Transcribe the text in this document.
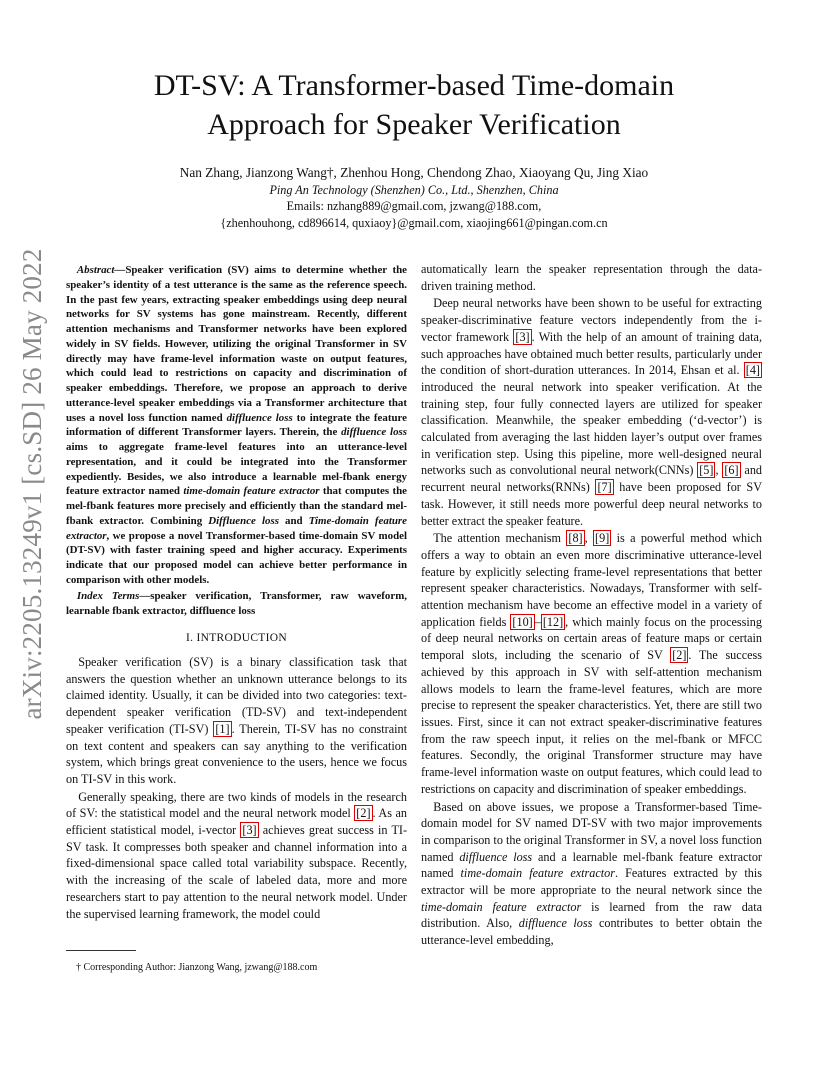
arXiv:2205.13249v1 [cs.SD] 26 May 2022
DT-SV: A Transformer-based Time-domain
Approach for Speaker Verification
Nan Zhang, Jianzong Wang†, Zhenhou Hong, Chendong Zhao, Xiaoyang Qu, Jing Xiao
Ping An Technology (Shenzhen) Co., Ltd., Shenzhen, China
Emails: nzhang889@gmail.com, jzwang@188.com,
{zhenhouhong, cd896614, quxiaoy}@gmail.com, xiaojing661@pingan.com.cn
Abstract—Speaker verification (SV) aims to determine whether the speaker’s identity of a test utterance is the same as the reference speech. In the past few years, extracting speaker embeddings using deep neural networks for SV systems has gone mainstream. Recently, different attention mechanisms and Transformer networks have been explored widely in SV fields. However, utilizing the original Transformer in SV directly may have frame-level information waste on output features, which could lead to restrictions on capacity and discrimination of speaker embeddings. Therefore, we propose an approach to derive utterance-level speaker embeddings via a Transformer architecture that uses a novel loss function named diffluence loss to integrate the feature information of different Transformer layers. Therein, the diffluence loss aims to aggregate frame-level features into an utterance-level representation, and it could be integrated into the Transformer expediently. Besides, we also introduce a learnable mel-fbank energy feature extractor named time-domain feature extractor that computes the mel-fbank features more precisely and efficiently than the standard mel-fbank extractor. Combining Diffluence loss and Time-domain feature extractor, we propose a novel Transformer-based time-domain SV model (DT-SV) with faster training speed and higher accuracy. Experiments indicate that our proposed model can achieve better performance in comparison with other models.
Index Terms—speaker verification, Transformer, raw waveform, learnable fbank extractor, diffluence loss
I. INTRODUCTION

Speaker verification (SV) is a binary classification task that answers the question whether an unknown utterance belongs to its claimed identity. Usually, it can be divided into two categories: text-dependent speaker verification (TD-SV) and text-independent speaker verification (TI-SV) [1] . Therein, TI-SV has no constraint on text content and speakers can say anything to the verification system, which brings great convenience to the users, hence we focus on TI-SV in this work.

Generally speaking, there are two kinds of models in the research of SV: the statistical model and the neural network model [2] . As an efficient statistical model, i-vector [3] achieves great success in TI-SV task. It compresses both speaker and channel information into a fixed-dimensional space called total variability subspace. Recently, with the increasing of the scale of labeled data, more and more researchers start to pay attention to the neural network model. Under the supervised learning framework, the model could

† Corresponding Author: Jianzong Wang, jzwang@188.com

automatically learn the speaker representation through the data-driven training method.

Deep neural networks have been shown to be useful for extracting speaker-discriminative feature vectors independently from the i-vector framework [3] . With the help of an amount of training data, such approaches have obtained much better results, particularly under the condition of short-duration utterances. In 2014, Ehsan et al. [4] introduced the neural network into speaker verification. At the training step, four fully connected layers are utilized for speaker classification. Meanwhile, the speaker embedding (‘d-vector’) is calculated from averaging the last hidden layer’s output over frames in verification step. Using this pipeline, more well-designed neural networks such as convolutional neural network(CNNs) [5] , [6] and recurrent neural networks(RNNs) [7] have been proposed for SV task. However, it still needs more powerful deep neural networks to better extract the speaker feature.

The attention mechanism [8] , [9] is a powerful method which offers a way to obtain an even more discriminative utterance-level feature by explicitly selecting frame-level representations that better represent speaker characteristics. Nowadays, Transformer with self-attention mechanism have become an effective model in a variety of application fields [10] – [12] , which mainly focus on the processing of deep neural networks on certain areas of feature maps or certain temporal slots, including the scenario of SV [2] . The success achieved by this approach in SV with self-attention mechanism allows models to learn the frame-level features, which are more precise to represent the speaker characteristics. Yet, there are still two issues. First, since it can not extract speaker-discriminative features from the raw speech input, it relies on the mel-fbank or MFCC features. Secondly, the original Transformer structure may have frame-level information waste on output features, which could lead to restrictions on capacity and discrimination of speaker embeddings.

Based on above issues, we propose a Transformer-based Time-domain model for SV named DT-SV with two major improvements in comparison to the original Transformer in SV, a novel loss function named diffluence loss and a learnable mel-fbank feature extractor named time-domain feature extractor. Features extracted by this extractor will be more appropriate to the neural network since the time-domain feature extractor is learned from the raw data distribution. Also, diffluence loss contributes to better obtain the utterance-level embedding,
